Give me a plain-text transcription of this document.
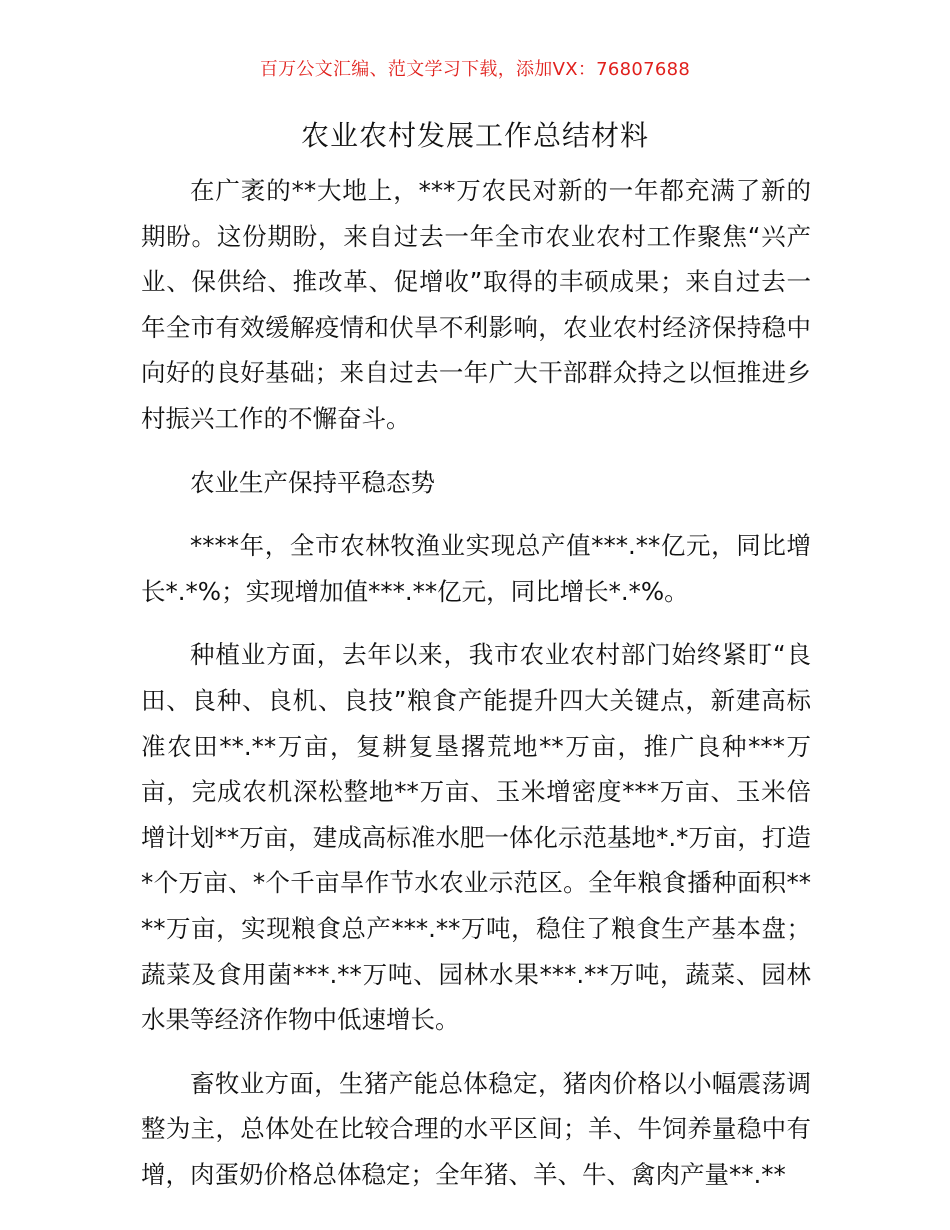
百万公文汇编、范文学习下载，添加VX：76807688
农业农村发展工作总结材料

在广袤的**大地上，***万农民对新的一年都充满了新的期盼。这份期盼，来自过去一年全市农业农村工作聚焦“兴产业、保供给、推改革、促增收”取得的丰硕成果；来自过去一年全市有效缓解疫情和伏旱不利影响，农业农村经济保持稳中向好的良好基础；来自过去一年广大干部群众持之以恒推进乡村振兴工作的不懈奋斗。

农业生产保持平稳态势

****年，全市农林牧渔业实现总产值***.**亿元，同比增长*.*%；实现增加值***.**亿元，同比增长*.*%。

种植业方面，去年以来，我市农业农村部门始终紧盯“良田、良种、良机、良技”粮食产能提升四大关键点，新建高标准农田**.**万亩，复耕复垦撂荒地**万亩，推广良种***万亩，完成农机深松整地**万亩、玉米增密度***万亩、玉米倍增计划**万亩，建成高标准水肥一体化示范基地*.*万亩，打造*个万亩、*个千亩旱作节水农业示范区。全年粮食播种面积****万亩，实现粮食总产***.**万吨，稳住了粮食生产基本盘；蔬菜及食用菌***.**万吨、园林水果***.**万吨，蔬菜、园林水果等经济作物中低速增长。

畜牧业方面，生猪产能总体稳定，猪肉价格以小幅震荡调整为主，总体处在比较合理的水平区间；羊、牛饲养量稳中有增，肉蛋奶价格总体稳定；全年猪、羊、牛、禽肉产量**.**
